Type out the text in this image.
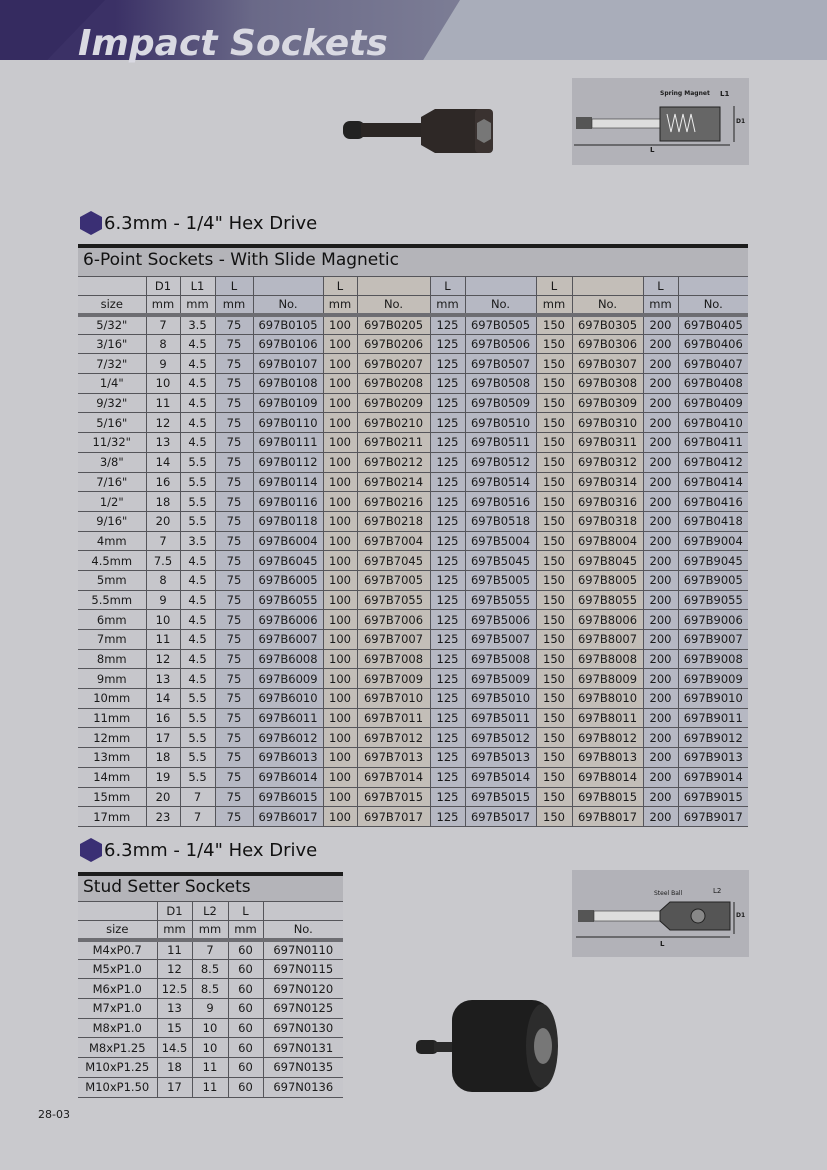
Impact Sockets
Spring Magnet L1
D1
L
6.3mm - 1/4" Hex Drive
6-Point Sockets - With Slide Magnetic
	D1	L1	L		L		L		L		L	
size	mm	mm	mm	No.	mm	No.	mm	No.	mm	No.	mm	No.
5/32"	7	3.5	75	697B0105	100	697B0205	125	697B0505	150	697B0305	200	697B0405
3/16"	8	4.5	75	697B0106	100	697B0206	125	697B0506	150	697B0306	200	697B0406
7/32"	9	4.5	75	697B0107	100	697B0207	125	697B0507	150	697B0307	200	697B0407
1/4"	10	4.5	75	697B0108	100	697B0208	125	697B0508	150	697B0308	200	697B0408
9/32"	11	4.5	75	697B0109	100	697B0209	125	697B0509	150	697B0309	200	697B0409
5/16"	12	4.5	75	697B0110	100	697B0210	125	697B0510	150	697B0310	200	697B0410
11/32"	13	4.5	75	697B0111	100	697B0211	125	697B0511	150	697B0311	200	697B0411
3/8"	14	5.5	75	697B0112	100	697B0212	125	697B0512	150	697B0312	200	697B0412
7/16"	16	5.5	75	697B0114	100	697B0214	125	697B0514	150	697B0314	200	697B0414
1/2"	18	5.5	75	697B0116	100	697B0216	125	697B0516	150	697B0316	200	697B0416
9/16"	20	5.5	75	697B0118	100	697B0218	125	697B0518	150	697B0318	200	697B0418
4mm	7	3.5	75	697B6004	100	697B7004	125	697B5004	150	697B8004	200	697B9004
4.5mm	7.5	4.5	75	697B6045	100	697B7045	125	697B5045	150	697B8045	200	697B9045
5mm	8	4.5	75	697B6005	100	697B7005	125	697B5005	150	697B8005	200	697B9005
5.5mm	9	4.5	75	697B6055	100	697B7055	125	697B5055	150	697B8055	200	697B9055
6mm	10	4.5	75	697B6006	100	697B7006	125	697B5006	150	697B8006	200	697B9006
7mm	11	4.5	75	697B6007	100	697B7007	125	697B5007	150	697B8007	200	697B9007
8mm	12	4.5	75	697B6008	100	697B7008	125	697B5008	150	697B8008	200	697B9008
9mm	13	4.5	75	697B6009	100	697B7009	125	697B5009	150	697B8009	200	697B9009
10mm	14	5.5	75	697B6010	100	697B7010	125	697B5010	150	697B8010	200	697B9010
11mm	16	5.5	75	697B6011	100	697B7011	125	697B5011	150	697B8011	200	697B9011
12mm	17	5.5	75	697B6012	100	697B7012	125	697B5012	150	697B8012	200	697B9012
13mm	18	5.5	75	697B6013	100	697B7013	125	697B5013	150	697B8013	200	697B9013
14mm	19	5.5	75	697B6014	100	697B7014	125	697B5014	150	697B8014	200	697B9014
15mm	20	7	75	697B6015	100	697B7015	125	697B5015	150	697B8015	200	697B9015
17mm	23	7	75	697B6017	100	697B7017	125	697B5017	150	697B8017	200	697B9017
6.3mm - 1/4" Hex Drive
Stud Setter Sockets
	D1	L2	L	
size	mm	mm	mm	No.
M4xP0.7	11	7	60	697N0110
M5xP1.0	12	8.5	60	697N0115
M6xP1.0	12.5	8.5	60	697N0120
M7xP1.0	13	9	60	697N0125
M8xP1.0	15	10	60	697N0130
M8xP1.25	14.5	10	60	697N0131
M10xP1.25	18	11	60	697N0135
M10xP1.50	17	11	60	697N0136
Steel Ball	L2
D1
L
28-03
